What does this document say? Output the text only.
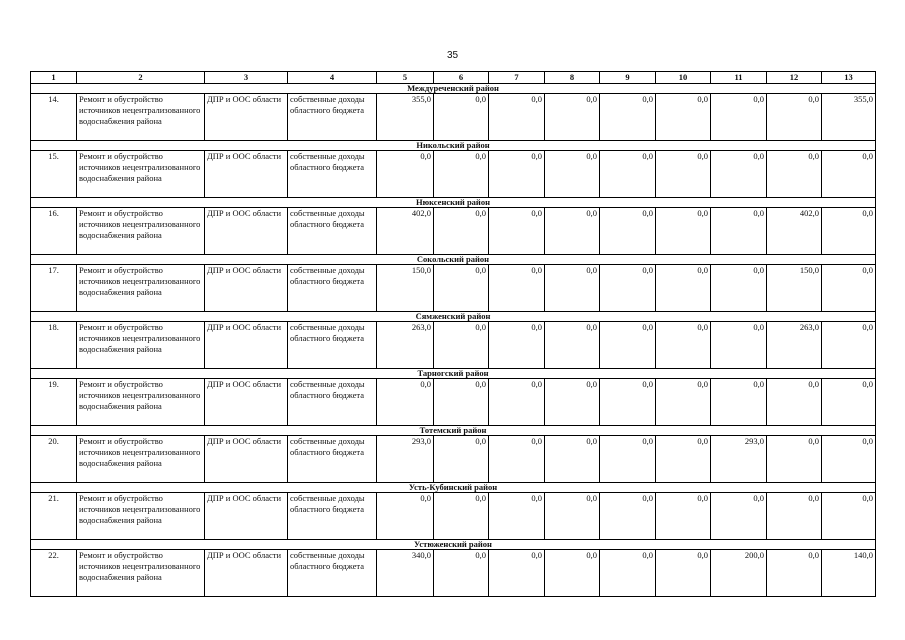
35
1	2	3	4	5	6	7	8	9	10	11	12	13
Междуреченский район												
14.	Ремонт и обустройство источников нецентрализованного водоснабжения района	ДПР и ООС области	собственные доходы областного бюджета	355,0	0,0	0,0	0,0	0,0	0,0	0,0	0,0	355,0
Никольский район												
15.	Ремонт и обустройство источников нецентрализованного водоснабжения района	ДПР и ООС области	собственные доходы областного бюджета	0,0	0,0	0,0	0,0	0,0	0,0	0,0	0,0	0,0
Нюксенский район												
16.	Ремонт и обустройство источников нецентрализованного водоснабжения района	ДПР и ООС области	собственные доходы областного бюджета	402,0	0,0	0,0	0,0	0,0	0,0	0,0	402,0	0,0
Сокольский район												
17.	Ремонт и обустройство источников нецентрализованного водоснабжения района	ДПР и ООС области	собственные доходы областного бюджета	150,0	0,0	0,0	0,0	0,0	0,0	0,0	150,0	0,0
Сямженский район												
18.	Ремонт и обустройство источников нецентрализованного водоснабжения района	ДПР и ООС области	собственные доходы областного бюджета	263,0	0,0	0,0	0,0	0,0	0,0	0,0	263,0	0,0
Тарногский район												
19.	Ремонт и обустройство источников нецентрализованного водоснабжения района	ДПР и ООС области	собственные доходы областного бюджета	0,0	0,0	0,0	0,0	0,0	0,0	0,0	0,0	0,0
Тотемский район												
20.	Ремонт и обустройство источников нецентрализованного водоснабжения района	ДПР и ООС области	собственные доходы областного бюджета	293,0	0,0	0,0	0,0	0,0	0,0	293,0	0,0	0,0
Усть-Кубинский район												
21.	Ремонт и обустройство источников нецентрализованного водоснабжения района	ДПР и ООС области	собственные доходы областного бюджета	0,0	0,0	0,0	0,0	0,0	0,0	0,0	0,0	0,0
Устюженский район												
22.	Ремонт и обустройство источников нецентрализованного водоснабжения района	ДПР и ООС области	собственные доходы областного бюджета	340,0	0,0	0,0	0,0	0,0	0,0	200,0	0,0	140,0
